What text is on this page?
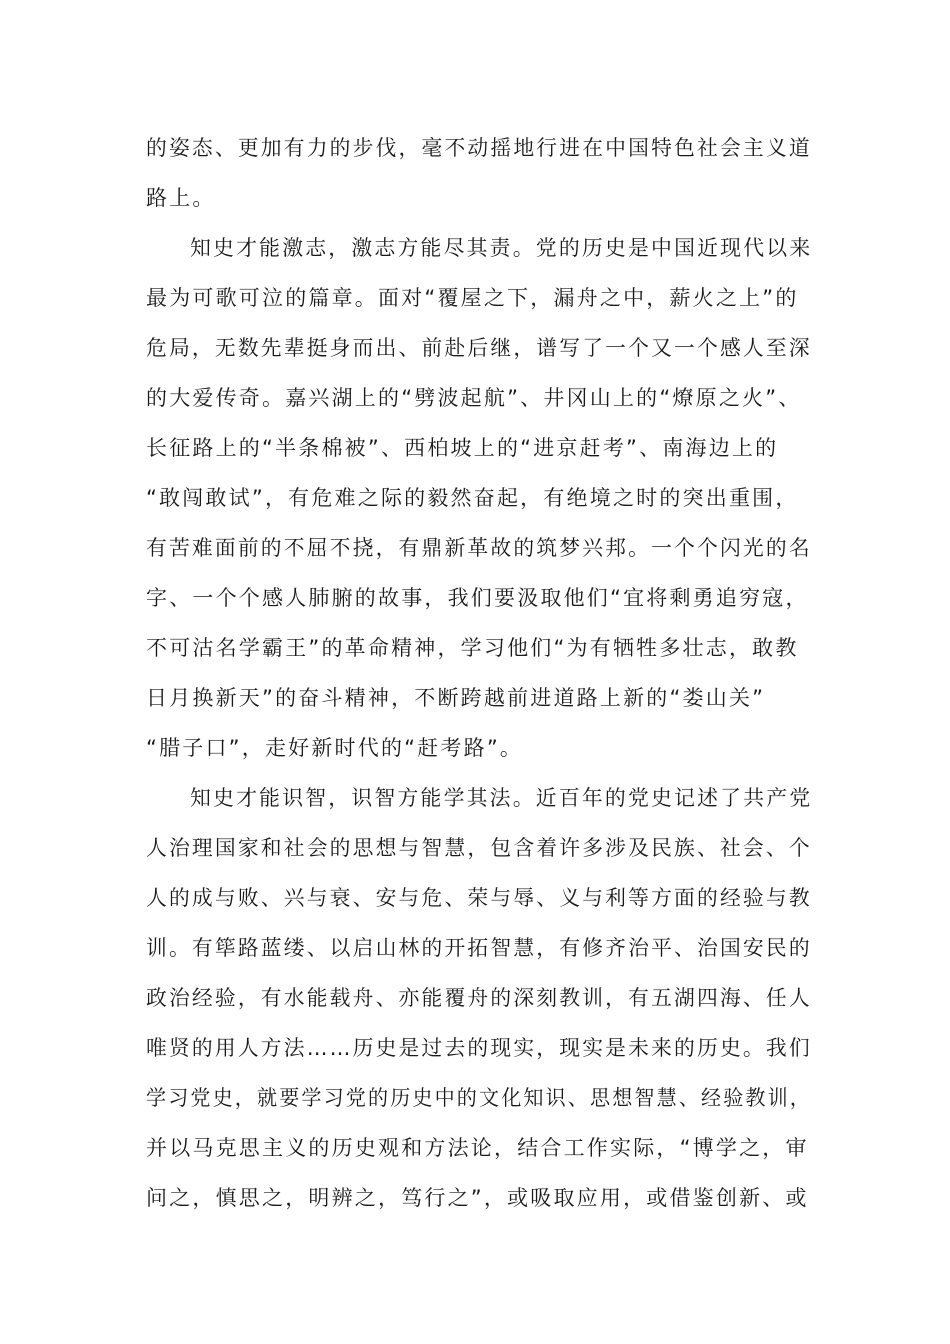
的姿态、更加有力的步伐，毫不动摇地行进在中国特色社会主义道
路上。
知史才能激志，激志方能尽其责。党的历史是中国近现代以来
最为可歌可泣的篇章。面对“覆屋之下，漏舟之中，薪火之上”的
危局，无数先辈挺身而出、前赴后继，谱写了一个又一个感人至深
的大爱传奇。嘉兴湖上的“劈波起航”、井冈山上的“燎原之火”、
长征路上的“半条棉被”、西柏坡上的“进京赶考”、南海边上的
“敢闯敢试”，有危难之际的毅然奋起，有绝境之时的突出重围，
有苦难面前的不屈不挠，有鼎新革故的筑梦兴邦。一个个闪光的名
字、一个个感人肺腑的故事，我们要汲取他们“宜将剩勇追穷寇，
不可沽名学霸王”的革命精神，学习他们“为有牺牲多壮志，敢教
日月换新天”的奋斗精神，不断跨越前进道路上新的“娄山关”
“腊子口”，走好新时代的“赶考路”。
知史才能识智，识智方能学其法。近百年的党史记述了共产党
人治理国家和社会的思想与智慧，包含着许多涉及民族、社会、个
人的成与败、兴与衰、安与危、荣与辱、义与利等方面的经验与教
训。有筚路蓝缕、以启山林的开拓智慧，有修齐治平、治国安民的
政治经验，有水能载舟、亦能覆舟的深刻教训，有五湖四海、任人
唯贤的用人方法……历史是过去的现实，现实是未来的历史。我们
学习党史，就要学习党的历史中的文化知识、思想智慧、经验教训，
并以马克思主义的历史观和方法论，结合工作实际，“博学之，审
问之，慎思之，明辨之，笃行之”，或吸取应用，或借鉴创新、或
